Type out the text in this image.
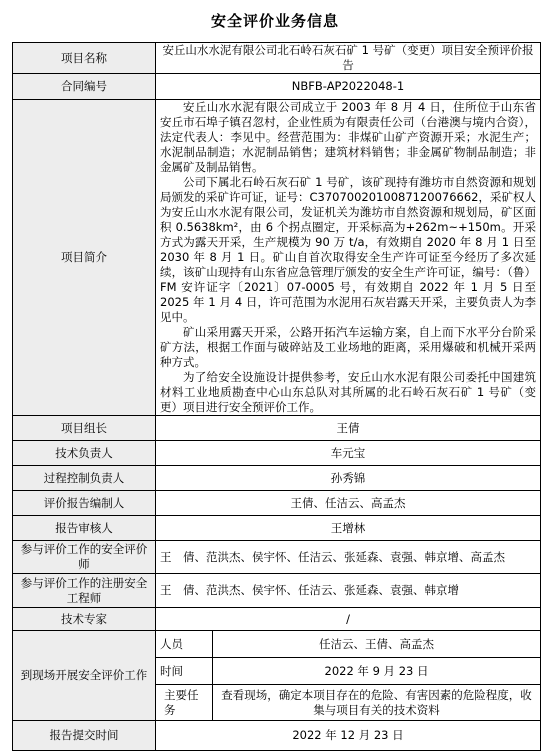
安全评价业务信息
项目名称	安丘山水水泥有限公司北石岭石灰石矿 1 号矿（变更）项目安全预评价报告	
合同编号	NBFB-AP2022048-1	
项目简介	安丘山水水泥有限公司成立于 2003 年 8 月 4 日，住所位于山东省安丘市石埠子镇召忽村，企业性质为有限责任公司（台港澳与境内合资），法定代表人：李见中。经营范围为：非煤矿山矿产资源开采；水泥生产；水泥制品制造；水泥制品销售；建筑材料销售；非金属矿物制品制造；非金属矿及制品销售。

公司下属北石岭石灰石矿 1 号矿，该矿现持有潍坊市自然资源和规划局颁发的采矿许可证，证号：C3707002010087120076662，采矿权人为安丘山水水泥有限公司，发证机关为潍坊市自然资源和规划局，矿区面积 0.5638km²，由 6 个拐点圈定，开采标高为+262m~+150m。开采方式为露天开采，生产规模为 90 万 t/a，有效期自 2020 年 8 月 1 日至 2030 年 8 月 1 日。矿山自首次取得安全生产许可证至今经历了多次延续，该矿山现持有山东省应急管理厅颁发的安全生产许可证，编号：（鲁）FM 安许证字〔2021〕07-0005 号，有效期自 2022 年 1 月 5 日至 2025 年 1 月 4 日，许可范围为水泥用石灰岩露天开采，主要负责人为李见中。

矿山采用露天开采，公路开拓汽车运输方案，自上而下水平分台阶采矿方法，根据工作面与破碎站及工业场地的距离，采用爆破和机械开采两种方式。

为了给安全设施设计提供参考，安丘山水水泥有限公司委托中国建筑材料工业地质勘查中心山东总队对其所属的北石岭石灰石矿 1 号矿（变更）项目进行安全预评价工作。	

项目组长	王倩	
技术负责人	车元宝	
过程控制负责人	孙秀锦	
评价报告编制人	王倩、任洁云、高孟杰	
报告审核人	王增林	
参与评价工作的安全评价师	王　倩、范洪杰、侯宇怀、任洁云、张延森、袁强、韩京增、高孟杰	
参与评价工作的注册安全工程师	王　倩、范洪杰、侯宇怀、任洁云、张延森、袁强、韩京增	
技术专家	/	
到现场开展安全评价工作	人员	任洁云、王倩、高孟杰
	时间	2022 年 9 月 23 日
	主要任务	查看现场，确定本项目存在的危险、有害因素的危险程度，收集与项目有关的技术资料
报告提交时间	2022 年 12 月 23 日	
